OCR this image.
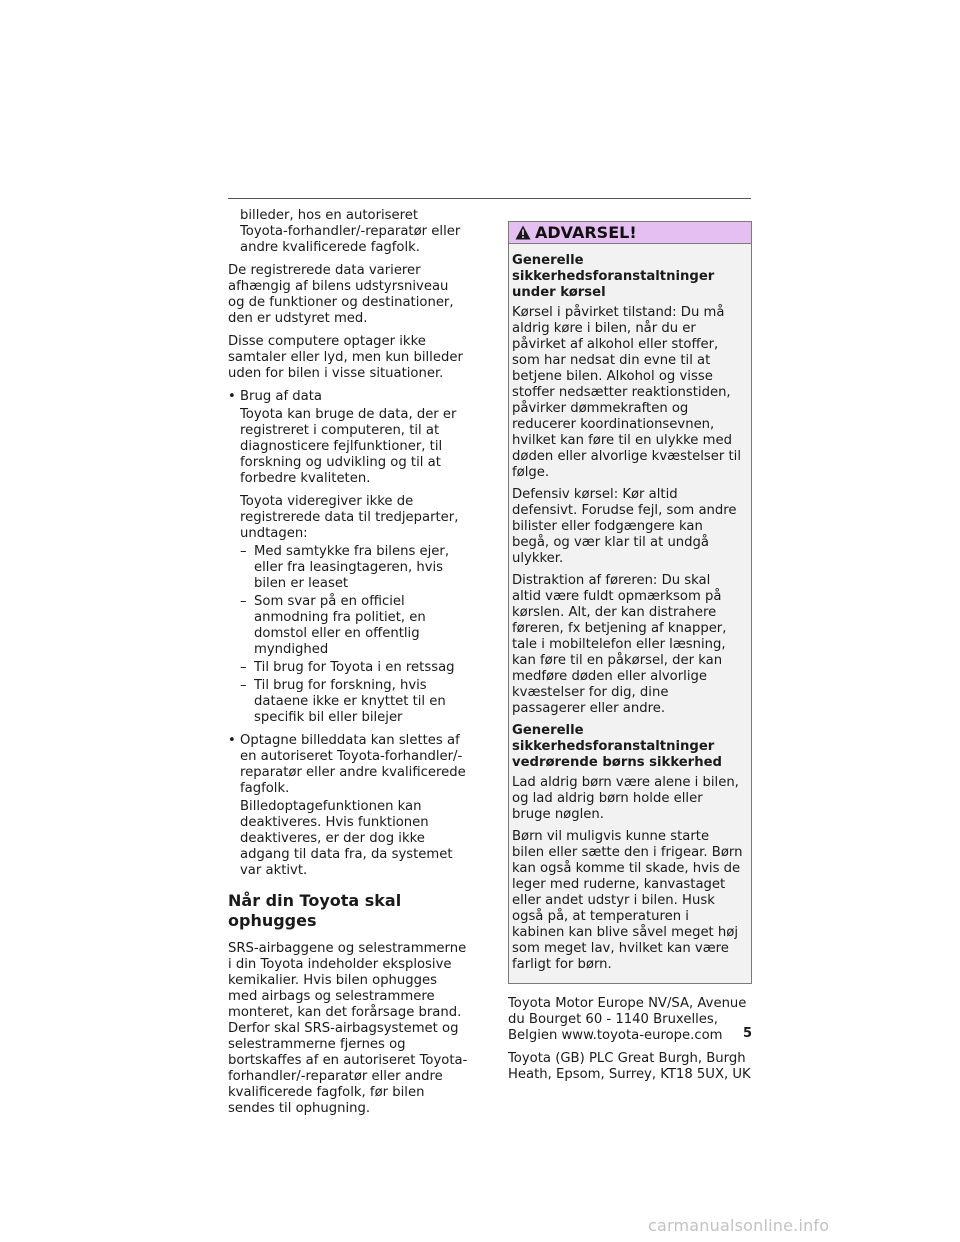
billeder, hos en autoriseret Toyota-forhandler/-reparatør eller andre kvalificerede fagfolk.

De registrerede data varierer afhængig af bilens udstyrsniveau og de funktioner og destinationer, den er udstyret med.

Disse computere optager ikke samtaler eller lyd, men kun billeder uden for bilen i visse situationer.

• Brug af data

Toyota kan bruge de data, der er registreret i computeren, til at diagnosticere fejlfunktioner, til forskning og udvikling og til at forbedre kvaliteten.

Toyota videregiver ikke de registrerede data til tredjeparter, undtagen:

– Med samtykke fra bilens ejer, eller fra leasingtageren, hvis bilen er leaset
– Som svar på en officiel anmodning fra politiet, en domstol eller en offentlig myndighed
– Til brug for Toyota i en retssag
– Til brug for forskning, hvis dataene ikke er knyttet til en specifik bil eller bilejer
• Optagne billeddata kan slettes af en autoriseret Toyota-forhandler/-reparatør eller andre kvalificerede fagfolk.

Billedoptagefunktionen kan deaktiveres. Hvis funktionen deaktiveres, er der dog ikke adgang til data fra, da systemet var aktivt.

Når din Toyota skal ophugges

SRS-airbaggene og selestrammerne i din Toyota indeholder eksplosive kemikalier. Hvis bilen ophugges med airbags og selestrammere monteret, kan det forårsage brand. Derfor skal SRS-airbagsystemet og selestrammerne fjernes og bortskaffes af en autoriseret Toyota-forhandler/-reparatør eller andre kvalificerede fagfolk, før bilen sendes til ophugning.

ADVARSEL!

Generelle sikkerhedsforanstaltninger under kørsel

Kørsel i påvirket tilstand: Du må aldrig køre i bilen, når du er påvirket af alkohol eller stoffer, som har nedsat din evne til at betjene bilen. Alkohol og visse stoffer nedsætter reaktionstiden, påvirker dømmekraften og reducerer koordinationsevnen, hvilket kan føre til en ulykke med døden eller alvorlige kvæstelser til følge.

Defensiv kørsel: Kør altid defensivt. Forudse fejl, som andre bilister eller fodgængere kan begå, og vær klar til at undgå ulykker.

Distraktion af føreren: Du skal altid være fuldt opmærksom på kørslen. Alt, der kan distrahere føreren, fx betjening af knapper, tale i mobiltelefon eller læsning, kan føre til en påkørsel, der kan medføre døden eller alvorlige kvæstelser for dig, dine passagerer eller andre.

Generelle sikkerhedsforanstaltninger vedrørende børns sikkerhed

Lad aldrig børn være alene i bilen, og lad aldrig børn holde eller bruge nøglen.

Børn vil muligvis kunne starte bilen eller sætte den i frigear. Børn kan også komme til skade, hvis de leger med ruderne, kanvastaget eller andet udstyr i bilen. Husk også på, at temperaturen i kabinen kan blive såvel meget høj som meget lav, hvilket kan være farligt for børn.

Toyota Motor Europe NV/SA, Avenue du Bourget 60 - 1140 Bruxelles, Belgien www.toyota-europe.com

Toyota (GB) PLC Great Burgh, Burgh Heath, Epsom, Surrey, KT18 5UX, UK

5
carmanualsonline.info
